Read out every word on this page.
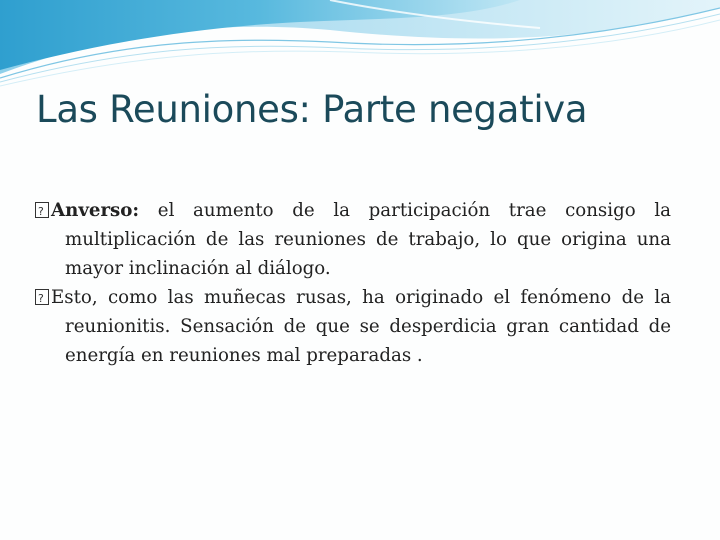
Las Reuniones: Parte negativa

?Anverso: el aumento de la participación trae consigo la multiplicación de las reuniones de trabajo, lo que origina una mayor inclinación al diálogo.

?Esto, como las muñecas rusas, ha originado el fenómeno de la reunionitis. Sensación de que se desperdicia gran cantidad de energía en reuniones mal preparadas .
